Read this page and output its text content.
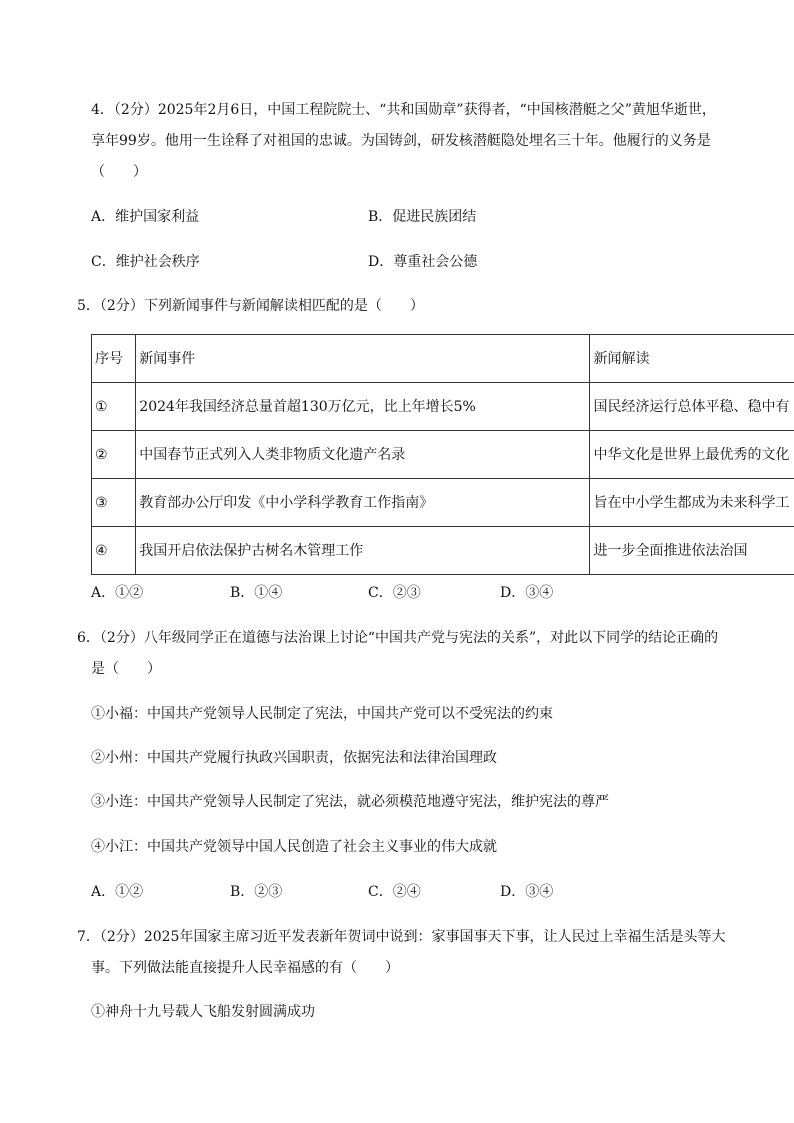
4．（2分）2025年2月6日，中国工程院院士、“共和国勋章”获得者，“中国核潜艇之父”黄旭华逝世，
享年99岁。他用一生诠释了对祖国的忠诚。为国铸剑，研发核潜艇隐处埋名三十年。他履行的义务是
（　　）
A．维护国家利益	B．促进民族团结
C．维护社会秩序	D．尊重社会公德
5．（2分）下列新闻事件与新闻解读相匹配的是（　　）
序号	新闻事件	新闻解读
①	2024年我国经济总量首超130万亿元，比上年增长5%	国民经济运行总体平稳、稳中有
②	中国春节正式列入人类非物质文化遗产名录	中华文化是世界上最优秀的文化
③	教育部办公厅印发《中小学科学教育工作指南》	旨在中小学生都成为未来科学工
④	我国开启依法保护古树名木管理工作	进一步全面推进依法治国
A．①②	B．①④	C．②③	D．③④
6．（2分）八年级同学正在道德与法治课上讨论“中国共产党与宪法的关系”，对此以下同学的结论正确的
是（　　）
①小福：中国共产党领导人民制定了宪法，中国共产党可以不受宪法的约束
②小州：中国共产党履行执政兴国职责，依据宪法和法律治国理政
③小连：中国共产党领导人民制定了宪法，就必须模范地遵守宪法，维护宪法的尊严
④小江：中国共产党领导中国人民创造了社会主义事业的伟大成就
A．①②	B．②③	C．②④	D．③④
7．（2分）2025年国家主席习近平发表新年贺词中说到：家事国事天下事，让人民过上幸福生活是头等大
事。下列做法能直接提升人民幸福感的有（　　）
①神舟十九号载人飞船发射圆满成功
